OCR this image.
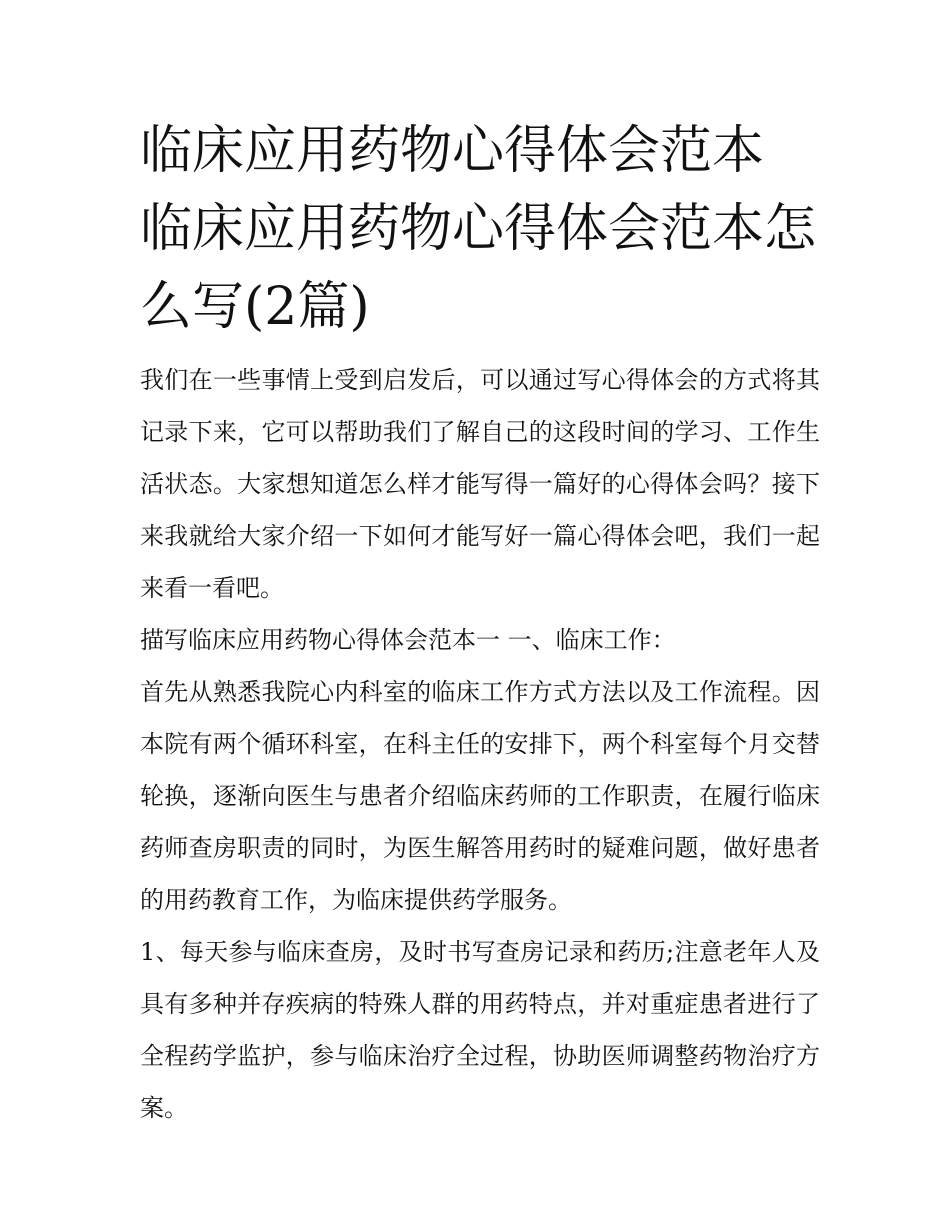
临床应用药物心得体会范本 临床应用药物心得体会范本怎么写(2篇)

我们在一些事情上受到启发后，可以通过写心得体会的方式将其记录下来，它可以帮助我们了解自己的这段时间的学习、工作生活状态。大家想知道怎么样才能写得一篇好的心得体会吗？接下来我就给大家介绍一下如何才能写好一篇心得体会吧，我们一起来看一看吧。

描写临床应用药物心得体会范本一 一、临床工作：

首先从熟悉我院心内科室的临床工作方式方法以及工作流程。因本院有两个循环科室，在科主任的安排下，两个科室每个月交替轮换，逐渐向医生与患者介绍临床药师的工作职责，在履行临床药师查房职责的同时，为医生解答用药时的疑难问题，做好患者的用药教育工作，为临床提供药学服务。

1、每天参与临床查房，及时书写查房记录和药历;注意老年人及具有多种并存疾病的特殊人群的用药特点，并对重症患者进行了全程药学监护，参与临床治疗全过程，协助医师调整药物治疗方案。
